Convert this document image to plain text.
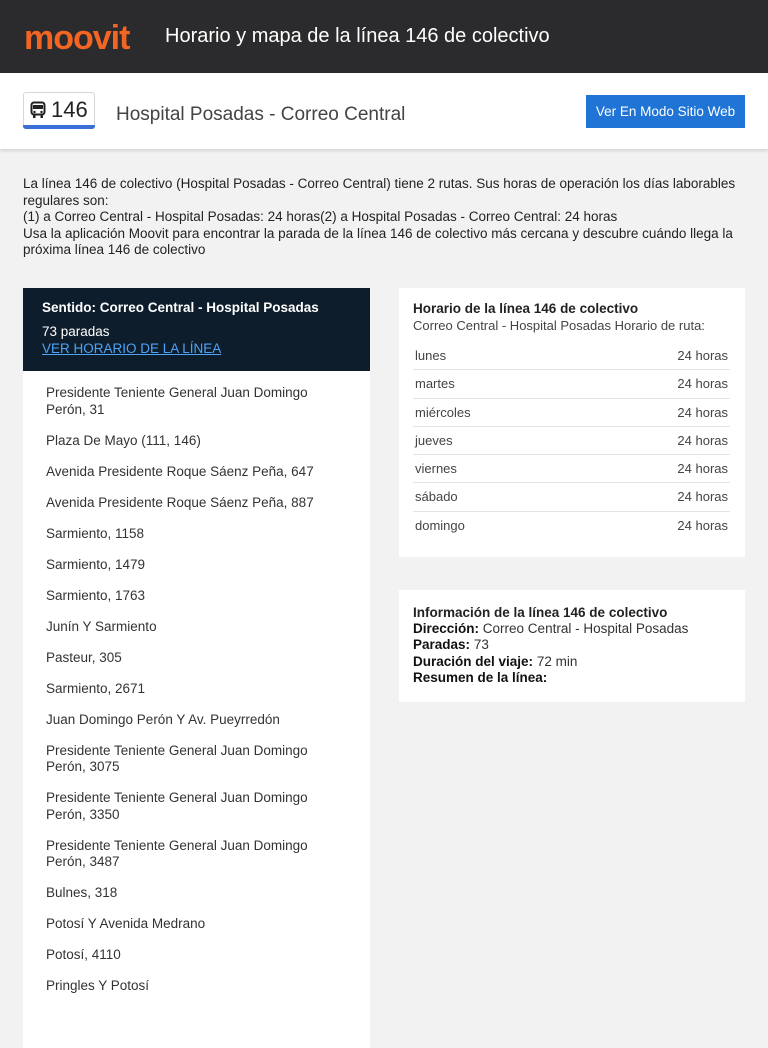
moovit Horario y mapa de la línea 146 de colectivo
146 Hospital Posadas - Correo Central	Ver En Modo Sitio Web

La línea 146 de colectivo (Hospital Posadas - Correo Central) tiene 2 rutas. Sus horas de operación los días laborables regulares son:

(1) a Correo Central - Hospital Posadas: 24 horas(2) a Hospital Posadas - Correo Central: 24 horas

Usa la aplicación Moovit para encontrar la parada de la línea 146 de colectivo más cercana y descubre cuándo llega la próxima línea 146 de colectivo

Sentido: Correo Central - Hospital Posadas
73 paradas
VER HORARIO DE LA LÍNEA
Presidente Teniente General Juan Domingo Perón, 31
Plaza De Mayo (111, 146)
Avenida Presidente Roque Sáenz Peña, 647
Avenida Presidente Roque Sáenz Peña, 887
Sarmiento, 1158
Sarmiento, 1479
Sarmiento, 1763
Junín Y Sarmiento
Pasteur, 305
Sarmiento, 2671
Juan Domingo Perón Y Av. Pueyrredón
Presidente Teniente General Juan Domingo Perón, 3075
Presidente Teniente General Juan Domingo Perón, 3350
Presidente Teniente General Juan Domingo Perón, 3487
Bulnes, 318
Potosí Y Avenida Medrano
Potosí, 4110
Pringles Y Potosí
Horario de la línea 146 de colectivo
Correo Central - Hospital Posadas Horario de ruta:
lunes	24 horas
martes	24 horas
miércoles	24 horas
jueves	24 horas
viernes	24 horas
sábado	24 horas
domingo	24 horas
Información de la línea 146 de colectivo
Dirección: Correo Central - Hospital Posadas
Paradas: 73
Duración del viaje: 72 min
Resumen de la línea:
